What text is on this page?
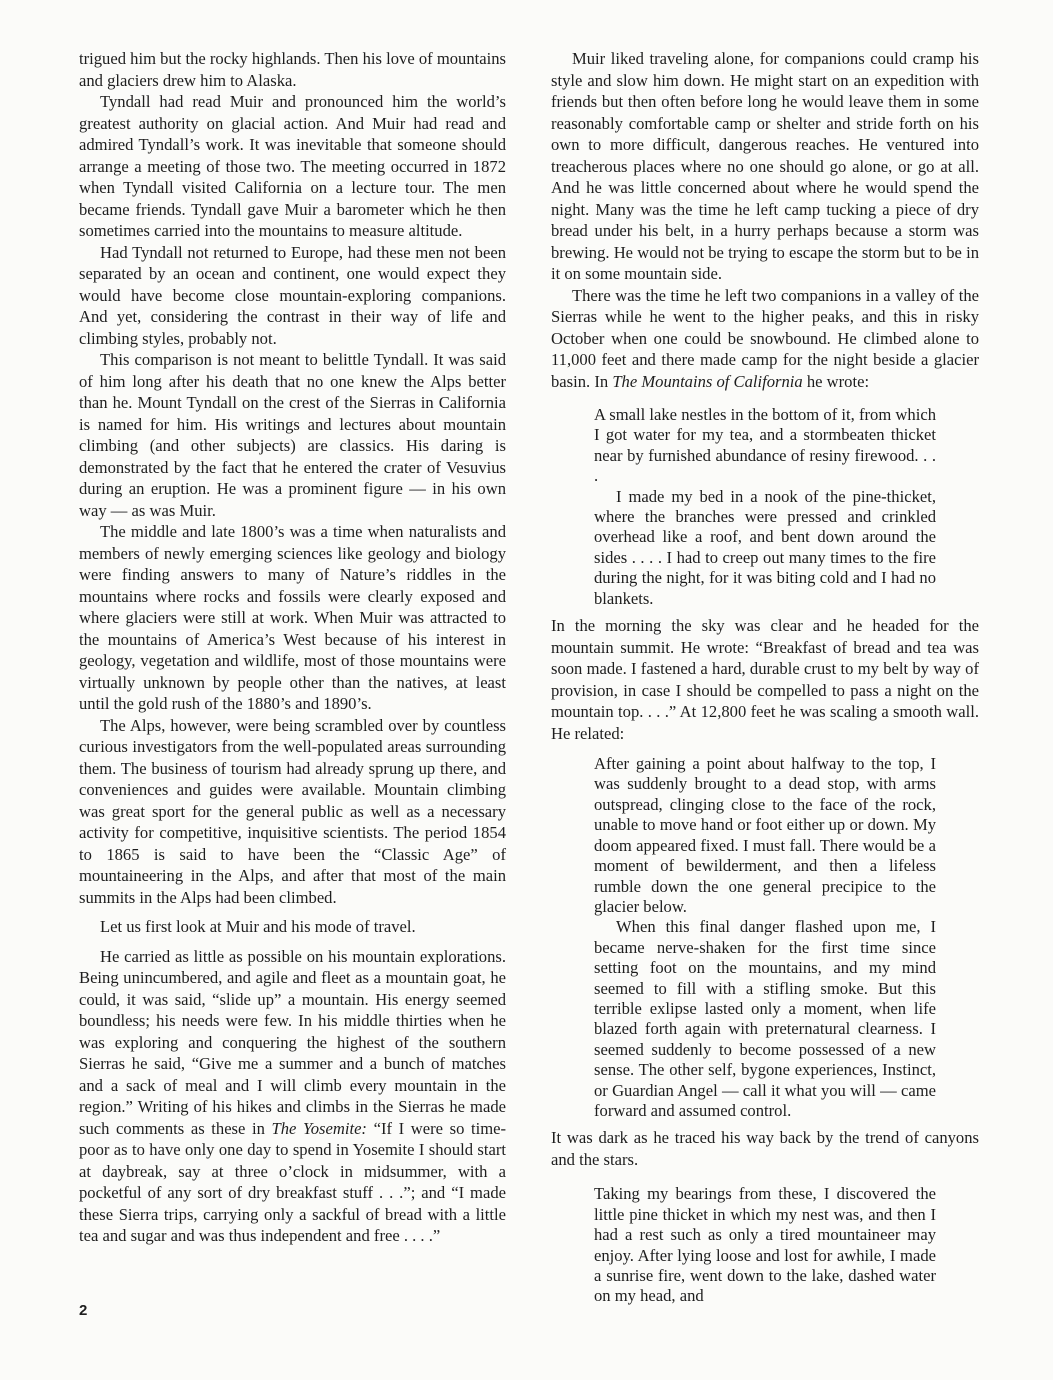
trigued him but the rocky highlands. Then his love of mountains and glaciers drew him to Alaska.

Tyndall had read Muir and pronounced him the world’s greatest authority on glacial action. And Muir had read and admired Tyndall’s work. It was inevitable that someone should arrange a meeting of those two. The meeting occurred in 1872 when Tyndall visited California on a lecture tour. The men became friends. Tyndall gave Muir a barometer which he then sometimes carried into the mountains to measure altitude.

Had Tyndall not returned to Europe, had these men not been separated by an ocean and continent, one would expect they would have become close mountain-exploring companions. And yet, considering the contrast in their way of life and climbing styles, probably not.

This comparison is not meant to belittle Tyndall. It was said of him long after his death that no one knew the Alps better than he. Mount Tyndall on the crest of the Sierras in California is named for him. His writings and lectures about mountain climbing (and other subjects) are classics. His daring is demonstrated by the fact that he entered the crater of Vesuvius during an eruption. He was a prominent figure — in his own way — as was Muir.

The middle and late 1800’s was a time when naturalists and members of newly emerging sciences like geology and biology were finding answers to many of Nature’s riddles in the mountains where rocks and fossils were clearly exposed and where glaciers were still at work. When Muir was attracted to the mountains of America’s West because of his interest in geology, vegetation and wildlife, most of those mountains were virtually unknown by people other than the natives, at least until the gold rush of the 1880’s and 1890’s.

The Alps, however, were being scrambled over by countless curious investigators from the well-populated areas surrounding them. The business of tourism had already sprung up there, and conveniences and guides were available. Mountain climbing was great sport for the general public as well as a necessary activity for competitive, inquisitive scientists. The period 1854 to 1865 is said to have been the “Classic Age” of mountaineering in the Alps, and after that most of the main summits in the Alps had been climbed.

Let us first look at Muir and his mode of travel.

He carried as little as possible on his mountain explorations. Being unincumbered, and agile and fleet as a mountain goat, he could, it was said, “slide up” a mountain. His energy seemed boundless; his needs were few. In his middle thirties when he was exploring and conquering the highest of the southern Sierras he said, “Give me a summer and a bunch of matches and a sack of meal and I will climb every mountain in the region.” Writing of his hikes and climbs in the Sierras he made such comments as these in The Yosemite: “If I were so time-poor as to have only one day to spend in Yosemite I should start at daybreak, say at three o’clock in midsummer, with a pocketful of any sort of dry breakfast stuff . . .”; and “I made these Sierra trips, carrying only a sackful of bread with a little tea and sugar and was thus independent and free . . . .”

Muir liked traveling alone, for companions could cramp his style and slow him down. He might start on an expedition with friends but then often before long he would leave them in some reasonably comfortable camp or shelter and stride forth on his own to more difficult, dangerous reaches. He ventured into treacherous places where no one should go alone, or go at all. And he was little concerned about where he would spend the night. Many was the time he left camp tucking a piece of dry bread under his belt, in a hurry perhaps because a storm was brewing. He would not be trying to escape the storm but to be in it on some mountain side.

There was the time he left two companions in a valley of the Sierras while he went to the higher peaks, and this in risky October when one could be snowbound. He climbed alone to 11,000 feet and there made camp for the night beside a glacier basin. In The Mountains of California he wrote:

A small lake nestles in the bottom of it, from which I got water for my tea, and a stormbeaten thicket near by furnished abundance of resiny firewood. . . .

I made my bed in a nook of the pine-thicket, where the branches were pressed and crinkled overhead like a roof, and bent down around the sides . . . . I had to creep out many times to the fire during the night, for it was biting cold and I had no blankets.

In the morning the sky was clear and he headed for the mountain summit. He wrote: “Breakfast of bread and tea was soon made. I fastened a hard, durable crust to my belt by way of provision, in case I should be compelled to pass a night on the mountain top. . . .” At 12,800 feet he was scaling a smooth wall. He related:

After gaining a point about halfway to the top, I was suddenly brought to a dead stop, with arms outspread, clinging close to the face of the rock, unable to move hand or foot either up or down. My doom appeared fixed. I must fall. There would be a moment of bewilderment, and then a lifeless rumble down the one general precipice to the glacier below.

When this final danger flashed upon me, I became nerve-shaken for the first time since setting foot on the mountains, and my mind seemed to fill with a stifling smoke. But this terrible exlipse lasted only a moment, when life blazed forth again with preternatural clearness. I seemed suddenly to become possessed of a new sense. The other self, bygone experiences, Instinct, or Guardian Angel — call it what you will — came forward and assumed control.

It was dark as he traced his way back by the trend of canyons and the stars.

Taking my bearings from these, I discovered the little pine thicket in which my nest was, and then I had a rest such as only a tired mountaineer may enjoy. After lying loose and lost for awhile, I made a sunrise fire, went down to the lake, dashed water on my head, and

2
